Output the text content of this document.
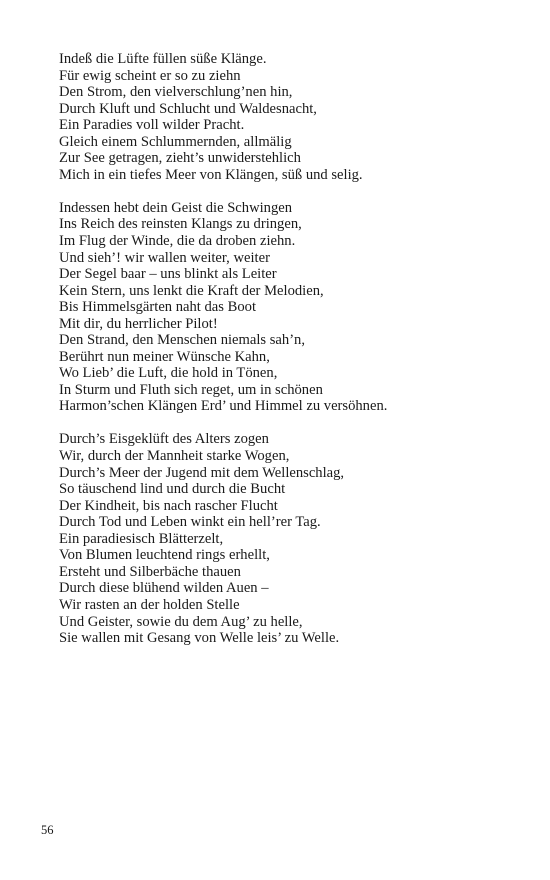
Indeß die Lüfte füllen süße Klänge.
Für ewig scheint er so zu ziehn
Den Strom, den vielverschlung’nen hin,
Durch Kluft und Schlucht und Waldesnacht,
Ein Paradies voll wilder Pracht.
Gleich einem Schlummernden, allmälig
Zur See getragen, zieht’s unwiderstehlich
Mich in ein tiefes Meer von Klängen, süß und selig.
Indessen hebt dein Geist die Schwingen
Ins Reich des reinsten Klangs zu dringen,
Im Flug der Winde, die da droben ziehn.
Und sieh’! wir wallen weiter, weiter
Der Segel baar – uns blinkt als Leiter
Kein Stern, uns lenkt die Kraft der Melodien,
Bis Himmelsgärten naht das Boot
Mit dir, du herrlicher Pilot!
Den Strand, den Menschen niemals sah’n,
Berührt nun meiner Wünsche Kahn,
Wo Lieb’ die Luft, die hold in Tönen,
In Sturm und Fluth sich reget, um in schönen
Harmon’schen Klängen Erd’ und Himmel zu versöhnen.
Durch’s Eisgeklüft des Alters zogen
Wir, durch der Mannheit starke Wogen,
Durch’s Meer der Jugend mit dem Wellenschlag,
So täuschend lind und durch die Bucht
Der Kindheit, bis nach rascher Flucht
Durch Tod und Leben winkt ein hell’rer Tag.
Ein paradiesisch Blätterzelt,
Von Blumen leuchtend rings erhellt,
Ersteht und Silberbäche thauen
Durch diese blühend wilden Auen –
Wir rasten an der holden Stelle
Und Geister, sowie du dem Aug’ zu helle,
Sie wallen mit Gesang von Welle leis’ zu Welle.
56
